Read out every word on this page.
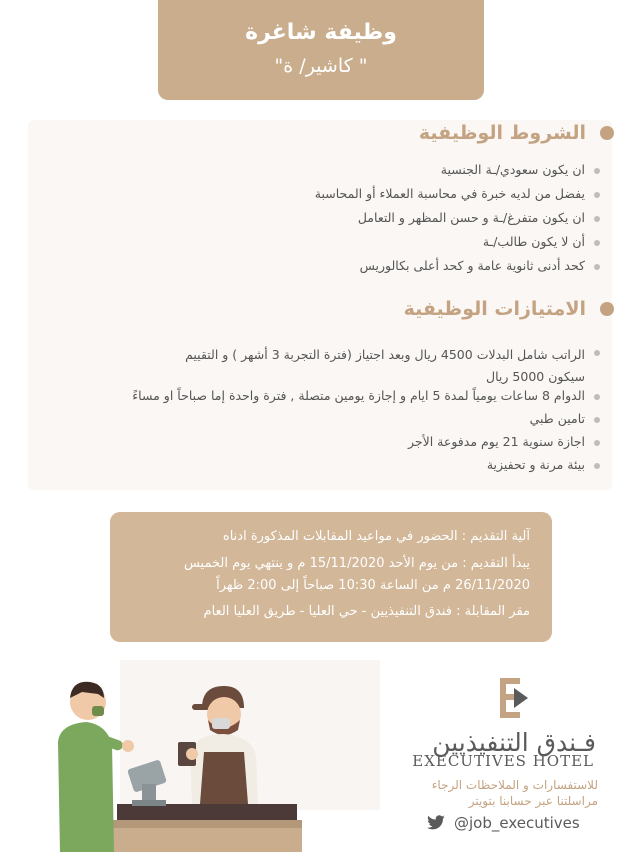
وظيفة شاغرة
"كاشير/ ة "
الشروط الوظيفية
ان يكون سعودي/ـة الجنسية
يفضل من لديه خبرة في محاسبة العملاء أو المحاسبة
ان يكون متفرغ/ـة و حسن المظهر و التعامل
أن لا يكون طالب/ـة
كحد أدنى ثانوية عامة و كحد أعلى بكالوريس
الامتيازات الوظيفية
الراتب شامل البدلات 4500 ريال وبعد اجتياز (فترة التجربة 3 أشهر ) و التقييم سيكون 5000 ريال
الدوام 8 ساعات يومياً لمدة 5 ايام و إجازة يومين متصلة , فترة واحدة إما صباحاً او مساءً
تامين طبي
اجازة سنوية 21 يوم مدفوعة الأجر
بيئة مرنة و تحفيزية
آلية التقديم : الحضور في مواعيد المقابلات المذكورة ادناه
يبدأ التقديم : من يوم الأحد 15/11/2020 م و ينتهي يوم الخميس
26/11/2020 م من الساعة 10:30 صباحاً إلى 2:00 ظهراً
مقر المقابلة : فندق التنفيذيين - حي العليا - طريق العليا العام
فـندق التنفيذيين
EXECUTIVES HOTEL
للاستفسارات و الملاحظات الرجاء
مراسلتنا عبر حسابنا بتويتر
@job_executives
